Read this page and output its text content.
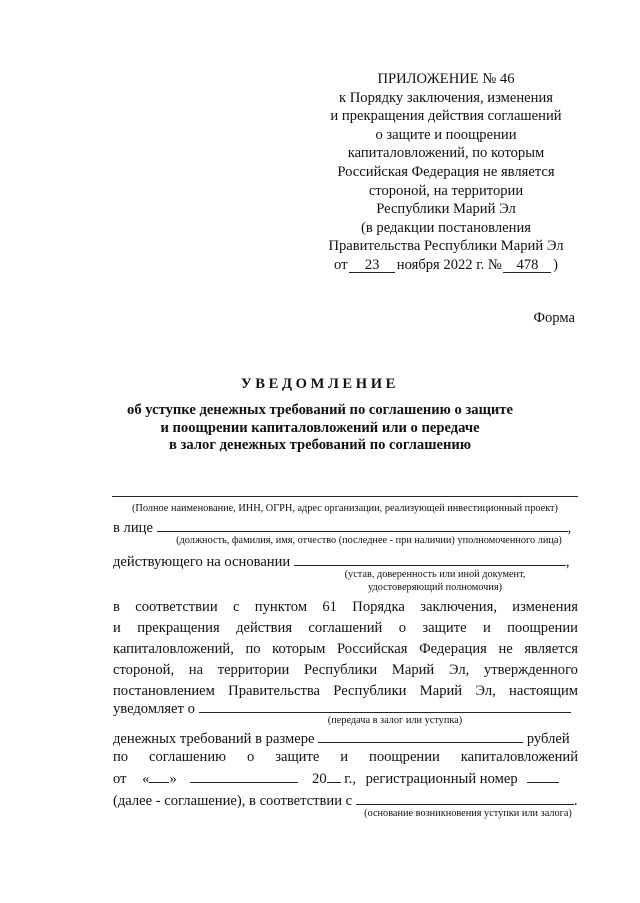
ПРИЛОЖЕНИЕ № 46
к Порядку заключения, изменения
и прекращения действия соглашений
о защите и поощрении
капиталовложений, по которым
Российская Федерация не является
стороной, на территории
Республики Марий Эл
(в редакции постановления
Правительства Республики Марий Эл
от 23 ноября 2022 г. № 478 )
Форма
УВЕДОМЛЕНИЕ
об уступке денежных требований по соглашению о защите
и поощрении капиталовложений или о передаче
в залог денежных требований по соглашению
(Полное наименование, ИНН, ОГРН, адрес организации, реализующей инвестиционный проект)
в лице	,
(должность, фамилия, имя, отчество (последнее - при наличии) уполномоченного лица)
действующего на основании	,
(устав, доверенность или иной документ,
удостоверяющий полномочия)
в соответствии с пунктом 61 Порядка заключения, изменения
и прекращения действия соглашений о защите и поощрении
капиталовложений, по которым Российская Федерация не является
стороной, на территории Республики Марий Эл, утвержденного
постановлением Правительства Республики Марий Эл, настоящим
уведомляет о
(передача в залог или уступка)
денежных требований в размере	рублей
по соглашению о защите и поощрении капиталовложений
от « »	20 г., регистрационный номер
(далее - соглашение), в соответствии с	.
(основание возникновения уступки или залога)
